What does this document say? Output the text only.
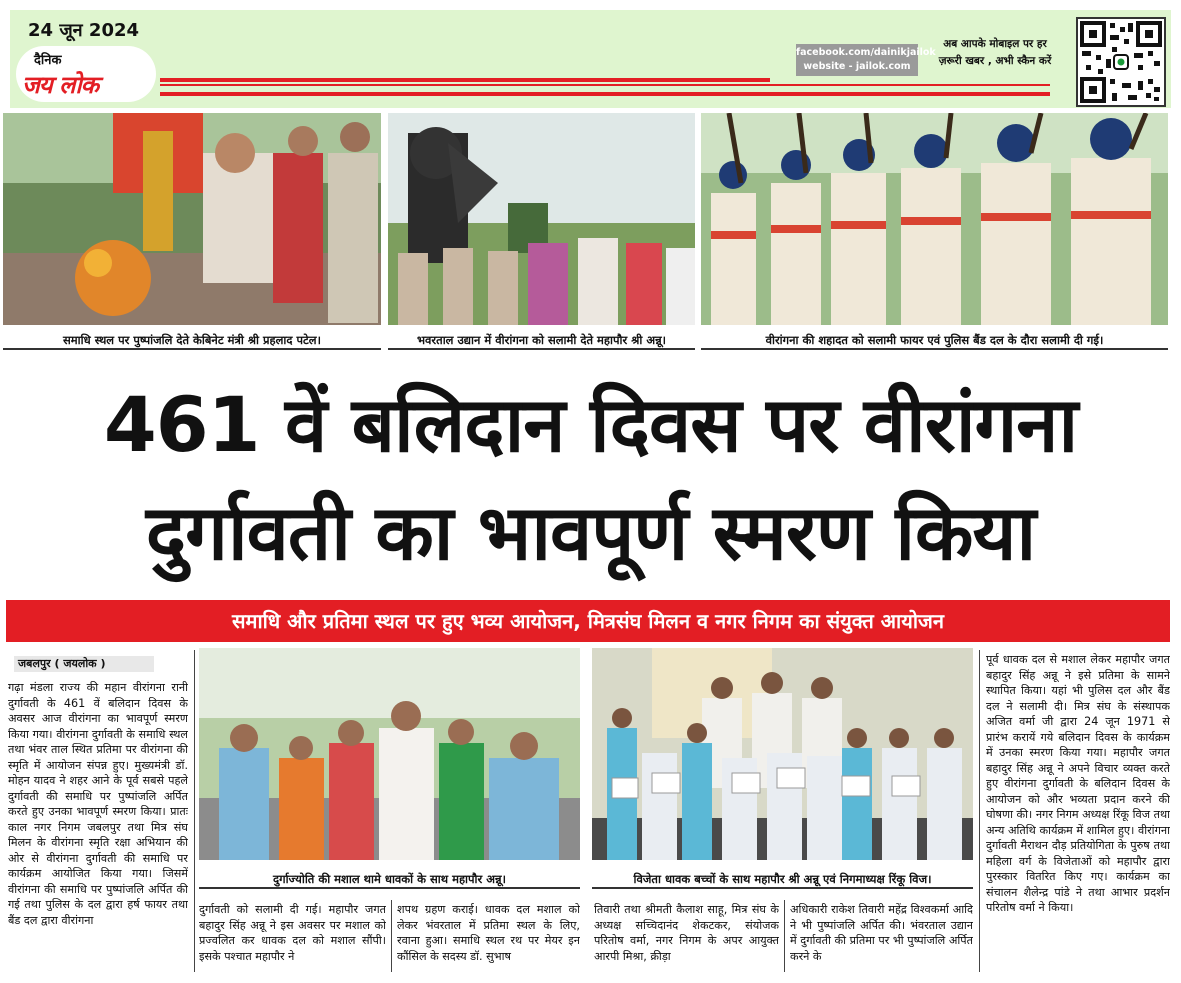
24 जून 2024
दैनिक
जय लोक
facebook.com/dainikjailok
website - jailok.com
अब आपके मोबाइल पर हर
ज़रूरी खबर , अभी स्कैन करें
समाधि स्थल पर पुष्पांजलि देते केबिनेट मंत्री श्री प्रहलाद पटेल।	भवरताल उद्यान में वीरांगना को सलामी देते महापौर श्री अन्नू।	वीरांगना की शहादत को सलामी फायर एवं पुलिस बैंड दल के दौरा सलामी दी गई।
461 वें बलिदान दिवस पर वीरांगना
दुर्गावती का भावपूर्ण स्मरण किया
समाधि और प्रतिमा स्थल पर हुए भव्य आयोजन, मित्रसंघ मिलन व नगर निगम का संयुक्त आयोजन
जबलपुर ( जयलोक )
गढ़ा मंडला राज्य की महान वीरांगना रानी दुर्गावती के 461 वें बलिदान दिवस के अवसर आज वीरांगना का भावपूर्ण स्मरण किया गया। वीरांगना दुर्गावती के समाधि स्थल तथा भंवर ताल स्थित प्रतिमा पर वीरांगना की स्मृति में आयोजन संपन्न हुए। मुख्यमंत्री डॉ. मोहन यादव ने शहर आने के पूर्व सबसे पहले दुर्गावती की समाधि पर पुष्पांजलि अर्पित करते हुए उनका भावपूर्ण स्मरण किया। प्रातः काल नगर निगम जबलपुर तथा मित्र संघ मिलन के वीरांगना स्मृति रक्षा अभियान की ओर से वीरांगना दुर्गावती की समाधि पर कार्यक्रम आयोजित किया गया। जिसमें वीरांगना की समाधि पर पुष्पांजलि अर्पित की गई तथा पुलिस के दल द्वारा हर्ष फायर तथा बैंड दल द्वारा वीरांगना
दुर्गाज्योति की मशाल थामे धावकों के साथ महापौर अन्नू।	विजेता धावक बच्चों के साथ महापौर श्री अन्नू एवं निगमाध्यक्ष रिंकू विज।
दुर्गावती को सलामी दी गई। महापौर जगत बहादुर सिंह अन्नू ने इस अवसर पर मशाल को प्रज्वलित कर धावक दल को मशाल सौंपी। इसके पश्चात महापौर ने
शपथ ग्रहण कराई। धावक दल मशाल को लेकर भंवरताल में प्रतिमा स्थल के लिए, रवाना हुआ। समाधि स्थल रथ पर मेयर इन कौंसिल के सदस्य डॉ. सुभाष
तिवारी तथा श्रीमती कैलाश साहू, मित्र संघ के अध्यक्ष सच्चिदानंद शेकटकर, संयोजक परितोष वर्मा, नगर निगम के अपर आयुक्त आरपी मिश्रा, क्रीड़ा
अधिकारी राकेश तिवारी महेंद्र विश्वकर्मा आदि ने भी पुष्पांजलि अर्पित की। भंवरताल उद्यान में दुर्गावती की प्रतिमा पर भी पुष्पांजलि अर्पित करने के
पूर्व धावक दल से मशाल लेकर महापौर जगत बहादुर सिंह अन्नू ने इसे प्रतिमा के सामने स्थापित किया। यहां भी पुलिस दल और बैंड दल ने सलामी दी। मित्र संघ के संस्थापक अजित वर्मा जी द्वारा 24 जून 1971 से प्रारंभ करायें गये बलिदान दिवस के कार्यक्रम में उनका स्मरण किया गया। महापौर जगत बहादुर सिंह अन्नू ने अपने विचार व्यक्त करते हुए वीरांगना दुर्गावती के बलिदान दिवस के आयोजन को और भव्यता प्रदान करने की घोषणा की। नगर निगम अध्यक्ष रिंकू विज तथा अन्य अतिथि कार्यक्रम में शामिल हुए। वीरांगना दुर्गावती मैराथन दौड़ प्रतियोगिता के पुरुष तथा महिला वर्ग के विजेताओं को महापौर द्वारा पुरस्कार वितरित किए गए। कार्यक्रम का संचालन शैलेन्द्र पांडे ने तथा आभार प्रदर्शन परितोष वर्मा ने किया।
